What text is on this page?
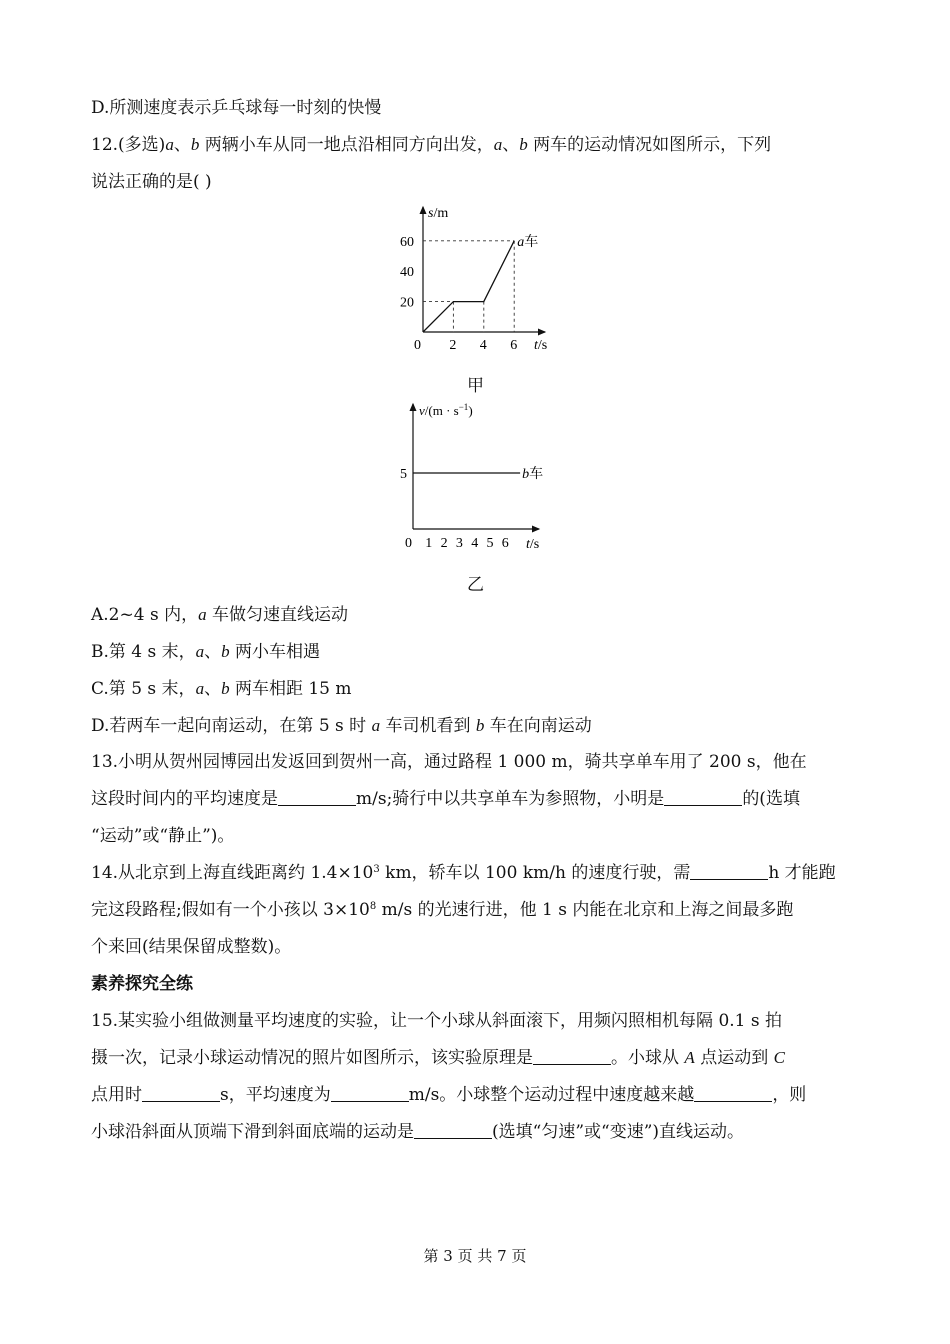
D.所测速度表示乒乓球每一时刻的快慢
12.(多选)a、b 两辆小车从同一地点沿相同方向出发，a、b 两车的运动情况如图所示，下列
说法正确的是( )
a车
0 2 4 6
20
40
60
s/m
t/s
甲
b车
0 1 2 3 4 5 6
5
$v/(m \cdot s^{-1})$
t/s
乙
A.2~4 s 内，a 车做匀速直线运动
B.第 4 s 末，a、b 两小车相遇
C.第 5 s 末，a、b 两车相距 15 m
D.若两车一起向南运动，在第 5 s 时 a 车司机看到 b 车在向南运动
13.小明从贺州园博园出发返回到贺州一高，通过路程 1 000 m，骑共享单车用了 200 s，他在
这段时间内的平均速度是	m/s;骑行中以共享单车为参照物，小明是	的(选填
“运动”或“静止”)。
14.从北京到上海直线距离约 $1.4\times 10^3$ km，轿车以 100 km/h 的速度行驶，需	h 才能跑
完这段路程;假如有一个小孩以 $3\times 10^8$ m/s 的光速行进，他 1 s 内能在北京和上海之间最多跑
个来回(结果保留成整数)。
素养探究全练
15.某实验小组做测量平均速度的实验，让一个小球从斜面滚下，用频闪照相机每隔 0.1 s 拍
摄一次，记录小球运动情况的照片如图所示，该实验原理是	。小球从 A 点运动到 C
点用时	s，平均速度为	m/s。小球整个运动过程中速度越来越	，则
小球沿斜面从顶端下滑到斜面底端的运动是	(选填“匀速”或“变速”)直线运动。
第 3 页 共 7 页
